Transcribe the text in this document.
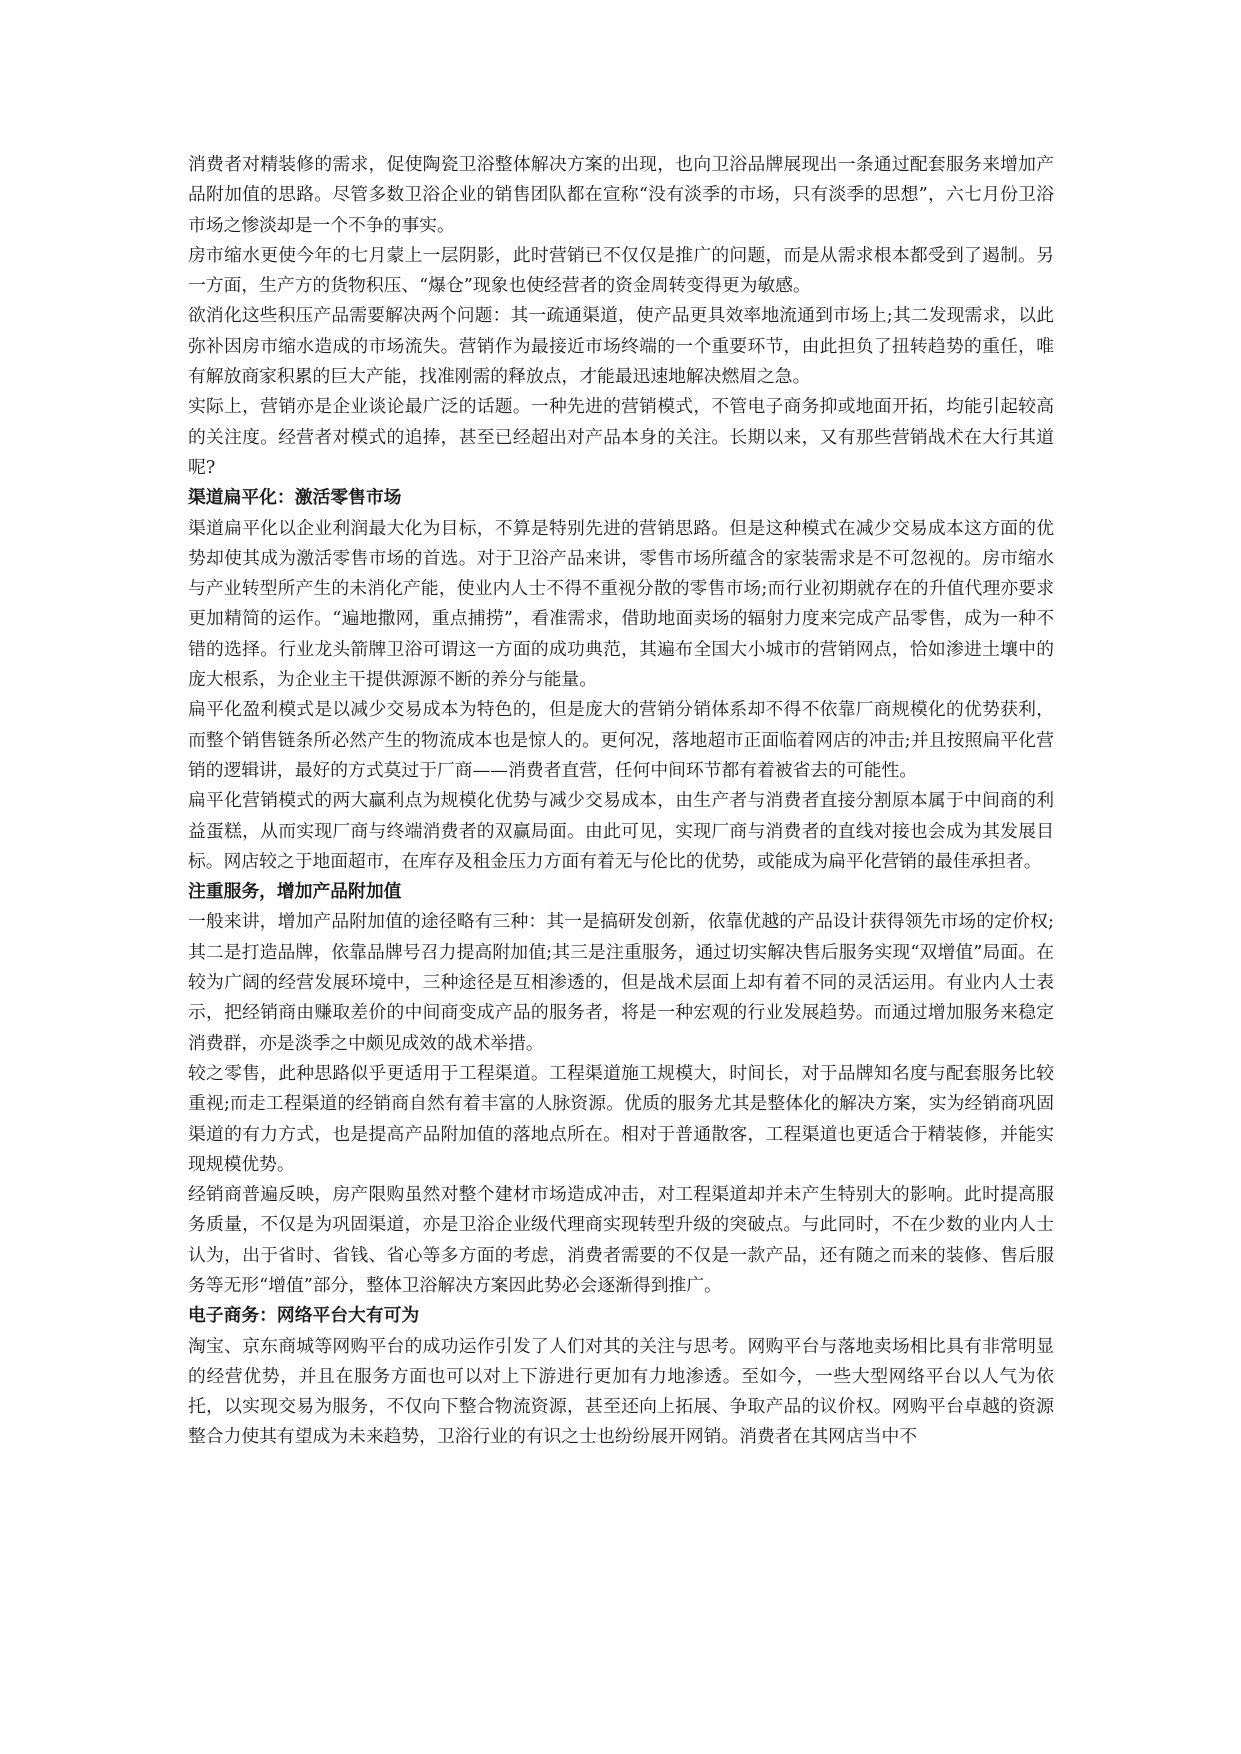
消费者对精装修的需求，促使陶瓷卫浴整体解决方案的出现，也向卫浴品牌展现出一条通过配套服务来增加产品附加值的思路。尽管多数卫浴企业的销售团队都在宣称“没有淡季的市场，只有淡季的思想”，六七月份卫浴市场之惨淡却是一个不争的事实。

房市缩水更使今年的七月蒙上一层阴影，此时营销已不仅仅是推广的问题，而是从需求根本都受到了遏制。另一方面，生产方的货物积压、“爆仓”现象也使经营者的资金周转变得更为敏感。

欲消化这些积压产品需要解决两个问题：其一疏通渠道，使产品更具效率地流通到市场上;其二发现需求，以此弥补因房市缩水造成的市场流失。营销作为最接近市场终端的一个重要环节，由此担负了扭转趋势的重任，唯有解放商家积累的巨大产能，找准刚需的释放点，才能最迅速地解决燃眉之急。

实际上，营销亦是企业谈论最广泛的话题。一种先进的营销模式，不管电子商务抑或地面开拓，均能引起较高的关注度。经营者对模式的追捧，甚至已经超出对产品本身的关注。长期以来，又有那些营销战术在大行其道呢?

渠道扁平化：激活零售市场

渠道扁平化以企业利润最大化为目标，不算是特别先进的营销思路。但是这种模式在减少交易成本这方面的优势却使其成为激活零售市场的首选。对于卫浴产品来讲，零售市场所蕴含的家装需求是不可忽视的。房市缩水与产业转型所产生的未消化产能，使业内人士不得不重视分散的零售市场;而行业初期就存在的升值代理亦要求更加精简的运作。“遍地撒网，重点捕捞”，看准需求，借助地面卖场的辐射力度来完成产品零售，成为一种不错的选择。行业龙头箭牌卫浴可谓这一方面的成功典范，其遍布全国大小城市的营销网点，恰如渗进土壤中的庞大根系，为企业主干提供源源不断的养分与能量。

扁平化盈利模式是以减少交易成本为特色的，但是庞大的营销分销体系却不得不依靠厂商规模化的优势获利，而整个销售链条所必然产生的物流成本也是惊人的。更何况，落地超市正面临着网店的冲击;并且按照扁平化营销的逻辑讲，最好的方式莫过于厂商——消费者直营，任何中间环节都有着被省去的可能性。

扁平化营销模式的两大赢利点为规模化优势与减少交易成本，由生产者与消费者直接分割原本属于中间商的利益蛋糕，从而实现厂商与终端消费者的双赢局面。由此可见，实现厂商与消费者的直线对接也会成为其发展目标。网店较之于地面超市，在库存及租金压力方面有着无与伦比的优势，或能成为扁平化营销的最佳承担者。

注重服务，增加产品附加值

一般来讲，增加产品附加值的途径略有三种：其一是搞研发创新，依靠优越的产品设计获得领先市场的定价权;其二是打造品牌，依靠品牌号召力提高附加值;其三是注重服务，通过切实解决售后服务实现“双增值”局面。在较为广阔的经营发展环境中，三种途径是互相渗透的，但是战术层面上却有着不同的灵活运用。有业内人士表示，把经销商由赚取差价的中间商变成产品的服务者，将是一种宏观的行业发展趋势。而通过增加服务来稳定消费群，亦是淡季之中颇见成效的战术举措。

较之零售，此种思路似乎更适用于工程渠道。工程渠道施工规模大，时间长，对于品牌知名度与配套服务比较重视;而走工程渠道的经销商自然有着丰富的人脉资源。优质的服务尤其是整体化的解决方案，实为经销商巩固渠道的有力方式，也是提高产品附加值的落地点所在。相对于普通散客，工程渠道也更适合于精装修，并能实现规模优势。

经销商普遍反映，房产限购虽然对整个建材市场造成冲击，对工程渠道却并未产生特别大的影响。此时提高服务质量，不仅是为巩固渠道，亦是卫浴企业级代理商实现转型升级的突破点。与此同时，不在少数的业内人士认为，出于省时、省钱、省心等多方面的考虑，消费者需要的不仅是一款产品，还有随之而来的装修、售后服务等无形“增值”部分，整体卫浴解决方案因此势必会逐渐得到推广。

电子商务：网络平台大有可为

淘宝、京东商城等网购平台的成功运作引发了人们对其的关注与思考。网购平台与落地卖场相比具有非常明显的经营优势，并且在服务方面也可以对上下游进行更加有力地渗透。至如今，一些大型网络平台以人气为依托，以实现交易为服务，不仅向下整合物流资源，甚至还向上拓展、争取产品的议价权。网购平台卓越的资源整合力使其有望成为未来趋势，卫浴行业的有识之士也纷纷展开网销。消费者在其网店当中不
